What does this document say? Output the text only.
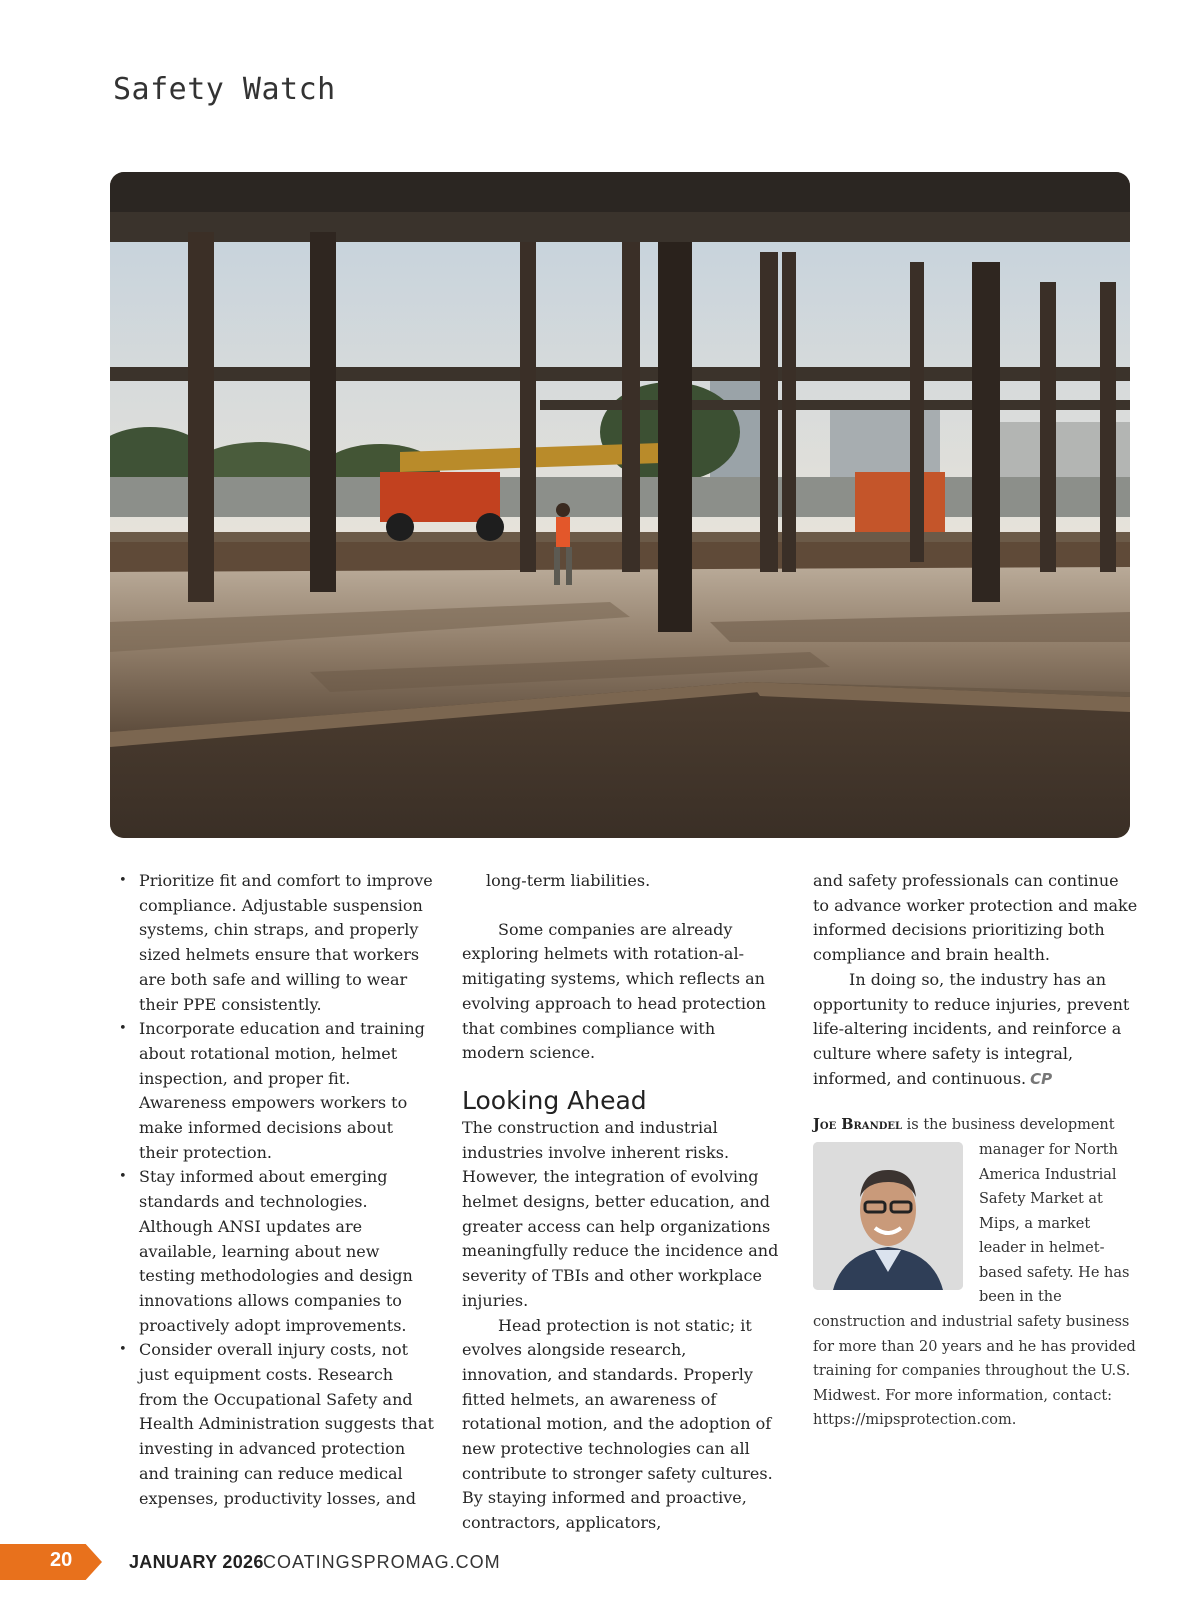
Safety Watch
• Prioritize fit and comfort to improve compliance. Adjustable suspension systems, chin straps, and properly sized helmets ensure that workers are both safe and willing to wear their PPE consistently.
• Incorporate education and training about rotational motion, helmet inspection, and proper fit. Awareness empowers workers to make informed decisions about their protection.
• Stay informed about emerging standards and technologies. Although ANSI updates are available, learning about new testing methodologies and design innovations allows companies to proactively adopt improvements.
• Consider overall injury costs, not just equipment costs. Research from the Occupational Safety and Health Administration suggests that investing in advanced protection and training can reduce medical expenses, productivity losses, and

long-term liabilities.

Some companies are already exploring helmets with rotation-al-mitigating systems, which reflects an evolving approach to head protection that combines compliance with modern science.

Looking Ahead

The construction and industrial industries involve inherent risks. However, the integration of evolving helmet designs, better education, and greater access can help organizations meaningfully reduce the incidence and severity of TBIs and other workplace injuries.

Head protection is not static; it evolves alongside research, innovation, and standards. Properly fitted helmets, an awareness of rotational motion, and the adoption of new protective technologies can all contribute to stronger safety cultures. By staying informed and proactive, contractors, applicators,

and safety professionals can continue to advance worker protection and make informed decisions prioritizing both compliance and brain health.

In doing so, the industry has an opportunity to reduce injuries, prevent life-altering incidents, and reinforce a culture where safety is integral, informed, and continuous. CP

Joe Brandel is the business development

manager for North America Industrial Safety Market at Mips, a market leader in helmet-based safety. He has been in the construction and industrial safety business for more than 20 years and he has provided training for companies throughout the U.S. Midwest. For more information, contact: https://mipsprotection.com.
20	JANUARY 2026 COATINGSPROMAG.COM
